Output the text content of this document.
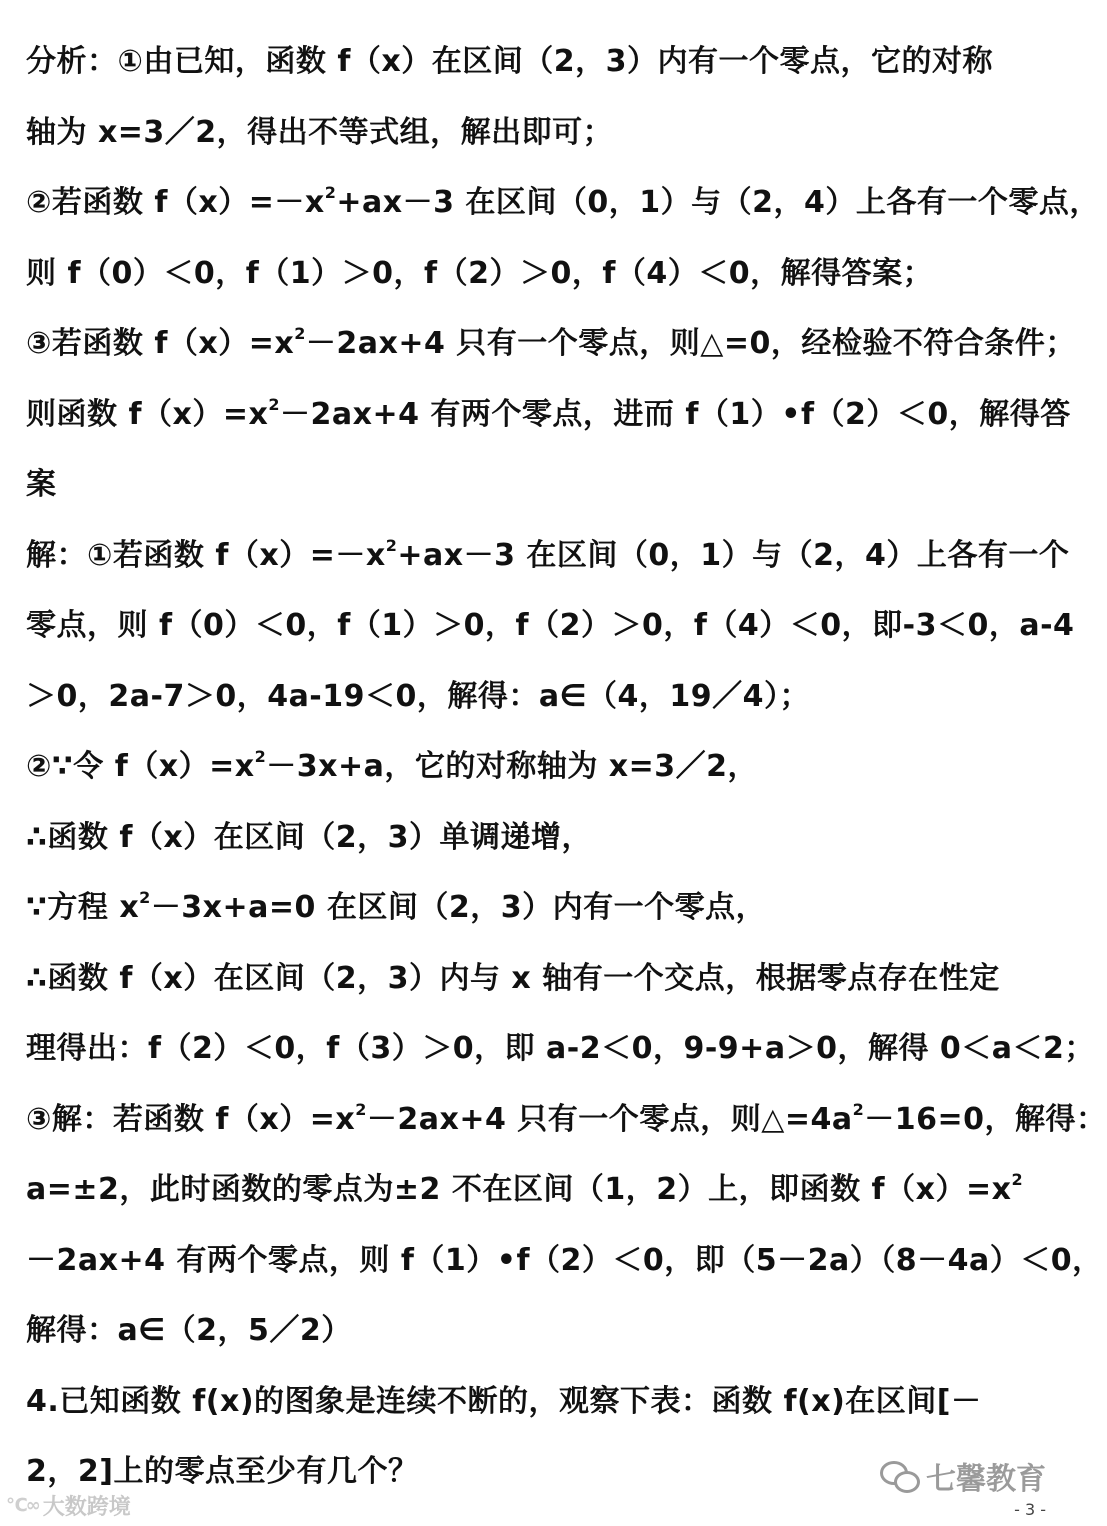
分析：①由已知，函数 f（x）在区间（2，3）内有一个零点，它的对称
轴为 x=3／2，得出不等式组，解出即可；
②若函数 $f(x)=-x^2+ax-3$ 在区间（0，1）与（2，4）上各有一个零点，
则 f（0）＜0，f（1）＞0，f（2）＞0，f（4）＜0，解得答案；
③若函数 $f(x)=x^2-2ax+4$ 只有一个零点，则△=0，经检验不符合条件；
则函数 $f(x)=x^2-2ax+4$ 有两个零点，进而 f（1）•f（2）＜0，解得答
案
解：①若函数 $f(x)=-x^2+ax-3$ 在区间（0，1）与（2，4）上各有一个
零点，则 f（0）＜0，f（1）＞0，f（2）＞0，f（4）＜0，即-3＜0，a-4
＞0，2a-7＞0，4a-19＜0，解得：a∈（4，19／4）；
②∵令 $f(x)=x^2-3x+a$，它的对称轴为 x=3／2，
∴函数 f（x）在区间（2，3）单调递增，
∵方程 $x^2-3x+a=0$ 在区间（2，3）内有一个零点，
∴函数 f（x）在区间（2，3）内与 x 轴有一个交点，根据零点存在性定
理得出：f（2）＜0，f（3）＞0，即 a-2＜0，9-9+a＞0，解得 0＜a＜2；
③解：若函数 $f(x)=x^2-2ax+4$ 只有一个零点，则$\triangle=4a^2-16=0$，解得：
a=±2，此时函数的零点为±2 不在区间（1，2）上，即函数 $f(x)=x^2$
－2ax+4 有两个零点，则 f（1）•f（2）＜0，即（5－2a）（8－4a）＜0，
解得：a∈（2，5／2）
4.已知函数 f(x)的图象是连续不断的，观察下表：函数 f(x)在区间[－
2，2]上的零点至少有几个？
℃∞ 大数跨境
七馨教育
- 3 -
